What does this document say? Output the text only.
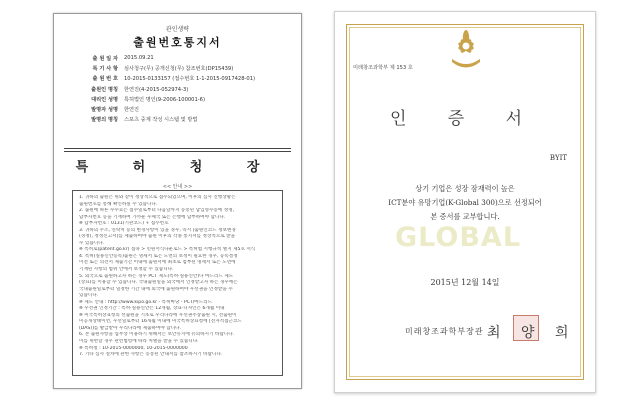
관인생략
출원번호통지서
출 원 일 자	2015.09.21
특 기 사 항	심사청구(무) 공개신청(무) 참조번호(DP15439)
출 원 번 호	10-2015-0133157 (접수번호 1-1-2015-0917428-01)
출원인 명칭	한연진(4-2015-052974-3)
대리인 성명	특허법인 명인(9-2006-100001-6)
발명자 성명	한연진
발명의 명칭	스포츠 중계 작성 시스템 및 방법
특 허 청 장
<< 안내 >>
1. 귀하의 출원은 위와 같이 정상적으로 접수되었으며, 이후의 심사 진행상황은
출원번호를 통해 확인하실 수 있습니다.
2. 출원에 따른 수수료는 접수일로부터 다음날까지 동봉된 납입영수증에 성명,
납부자번호 등을 기재하여 가까운 우체국 또는 은행에 납부하여야 합니다.
※ 납부자번호 : 0131(기관코드) + 접수번호
3. 귀하의 주소, 연락처 등의 변경사항이 있을 경우, 즉시 [출원인코드 정보변경
(경정), 정정신고서]를 제출하여야 출원 이후의 각종 통지서를 정상적으로 받을
수 있습니다.
※ 특허로(patent.go.kr) 접속 > 민원서식다운로드 > 특허법 시행규칙 별지 제5호 서식
4. 특허(실용신안등록)출원은 명세서 또는 도면의 보정이 필요한 경우, 등록결정
이전 또는 의견서 제출기간 이내에 출원서에 최초로 첨부된 명세서 또는 도면에
기재된 사항의 범위 안에서 보정할 수 있습니다.
5. 외국으로 출원하고자 하는 경우 PCT 제도(특허·실용신안)나 마드리드 제도
(상표)를 이용할 수 있습니다. 국내출원일을 외국에서 인정받고자 하는 경우에는
국내출원일로부터 일정한 기간 내에 외국에 출원하여야 우선권을 인정받을 수
있습니다.
※ 제도 안내 : http://www.kipo.go.kr - 특허마당 - PCT/마드리드
※ 우선권 인정기간 : 특허·실용신안은 12개월, 상표·디자인은 6개월 이내
※ 미국특허상표청의 선출원을 기초로 우리나라에 우선권주장출원 시, 선출원이
미공개상태이면, 우선일로부터 16개월 이내에 미국특허상표청에 [전자적접근코드
(DAS)]를 발급받아 우리나라에 제출하여야 합니다.
6. 본 출원사항을 업무상 이용하기 위해서는 보안유지에 유의하시기 바랍니다.
이를 위반할 경우 관련법령에 따라 처벌을 받을 수 있습니다.
※ 특허청 : 10-2015-0000000, 10-2015-0000000
7. 기타 심사 절차에 관한 사항은 동봉된 안내서를 참조하시기 바랍니다.
미래창조과학부 제 153 호
인 증 서
BYIT
GLOBAL
상기 기업은 성장 잠재력이 높은
ICT분야 유망기업(K-Global 300)으로 선정되어
본 증서를 교부합니다.
2015년 12월 14일
미래창조과학부장관 최 양 희
